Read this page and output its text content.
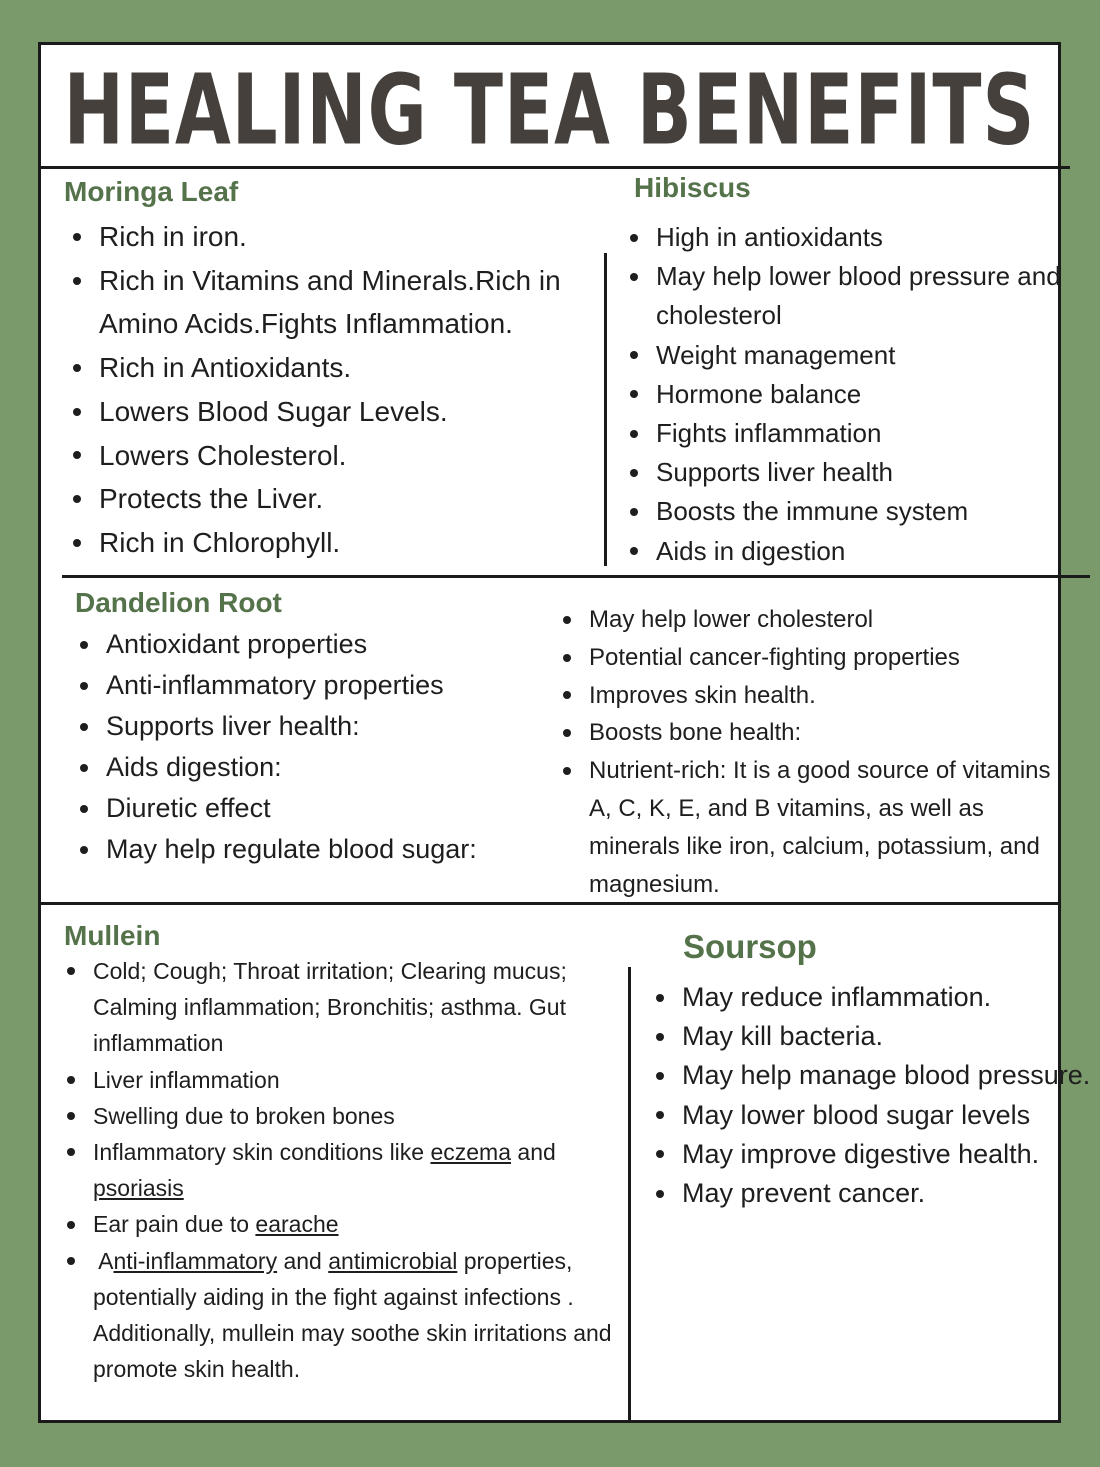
HEALING TEA BENEFITS
Moringa Leaf
Rich in iron.
Rich in Vitamins and Minerals.Rich in Amino Acids.Fights Inflammation.
Rich in Antioxidants.
Lowers Blood Sugar Levels.
Lowers Cholesterol.
Protects the Liver.
Rich in Chlorophyll.
Hibiscus
High in antioxidants
May help lower blood pressure and cholesterol
Weight management
Hormone balance
Fights inflammation
Supports liver health
Boosts the immune system
Aids in digestion
Dandelion Root
Antioxidant properties
Anti-inflammatory properties
Supports liver health:
Aids digestion:
Diuretic effect
May help regulate blood sugar:
May help lower cholesterol
Potential cancer-fighting properties
Improves skin health.
Boosts bone health:
Nutrient-rich: It is a good source of vitamins A, C, K, E, and B vitamins, as well as minerals like iron, calcium, potassium, and magnesium.
Mullein
Cold; Cough; Throat irritation; Clearing mucus; Calming inflammation; Bronchitis; asthma. Gut inflammation
Liver inflammation
Swelling due to broken bones
Inflammatory skin conditions like eczema and psoriasis
Ear pain due to earache
Anti-inflammatory and antimicrobial properties, potentially aiding in the fight against infections . Additionally, mullein may soothe skin irritations and promote skin health.
Soursop
May reduce inflammation.
May kill bacteria.
May help manage blood pressure.
May lower blood sugar levels
May improve digestive health.
May prevent cancer.
